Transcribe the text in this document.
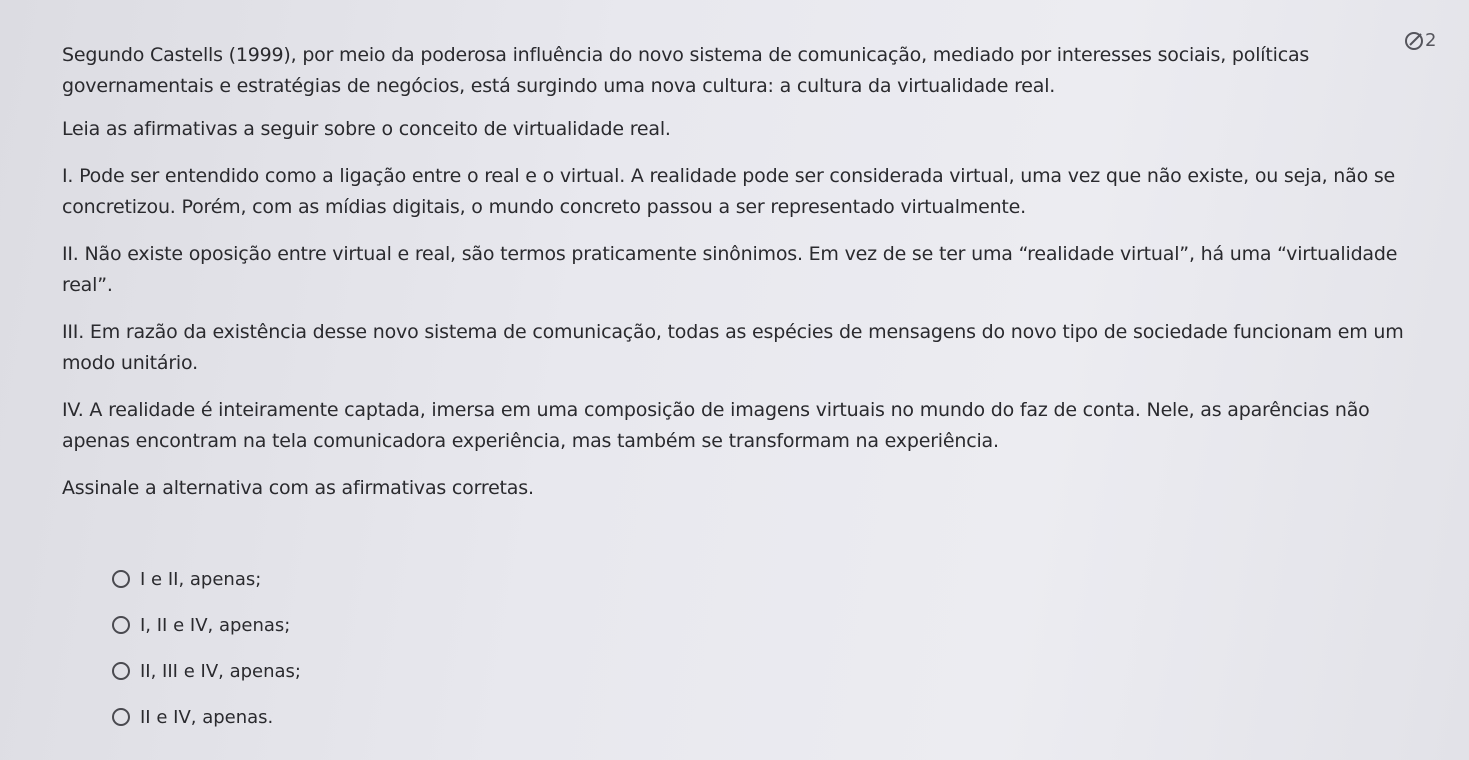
2

Segundo Castells (1999), por meio da poderosa influência do novo sistema de comunicação, mediado por interesses sociais, políticas governamentais e estratégias de negócios, está surgindo uma nova cultura: a cultura da virtualidade real.

Leia as afirmativas a seguir sobre o conceito de virtualidade real.

I. Pode ser entendido como a ligação entre o real e o virtual. A realidade pode ser considerada virtual, uma vez que não existe, ou seja, não se concretizou. Porém, com as mídias digitais, o mundo concreto passou a ser representado virtualmente.

II. Não existe oposição entre virtual e real, são termos praticamente sinônimos. Em vez de se ter uma “realidade virtual”, há uma “virtualidade real”.

III. Em razão da existência desse novo sistema de comunicação, todas as espécies de mensagens do novo tipo de sociedade funcionam em um modo unitário.

IV. A realidade é inteiramente captada, imersa em uma composição de imagens virtuais no mundo do faz de conta. Nele, as aparências não apenas encontram na tela comunicadora experiência, mas também se transformam na experiência.

Assinale a alternativa com as afirmativas corretas.

I e II, apenas;
I, II e IV, apenas;
II, III e IV, apenas;
II e IV, apenas.
